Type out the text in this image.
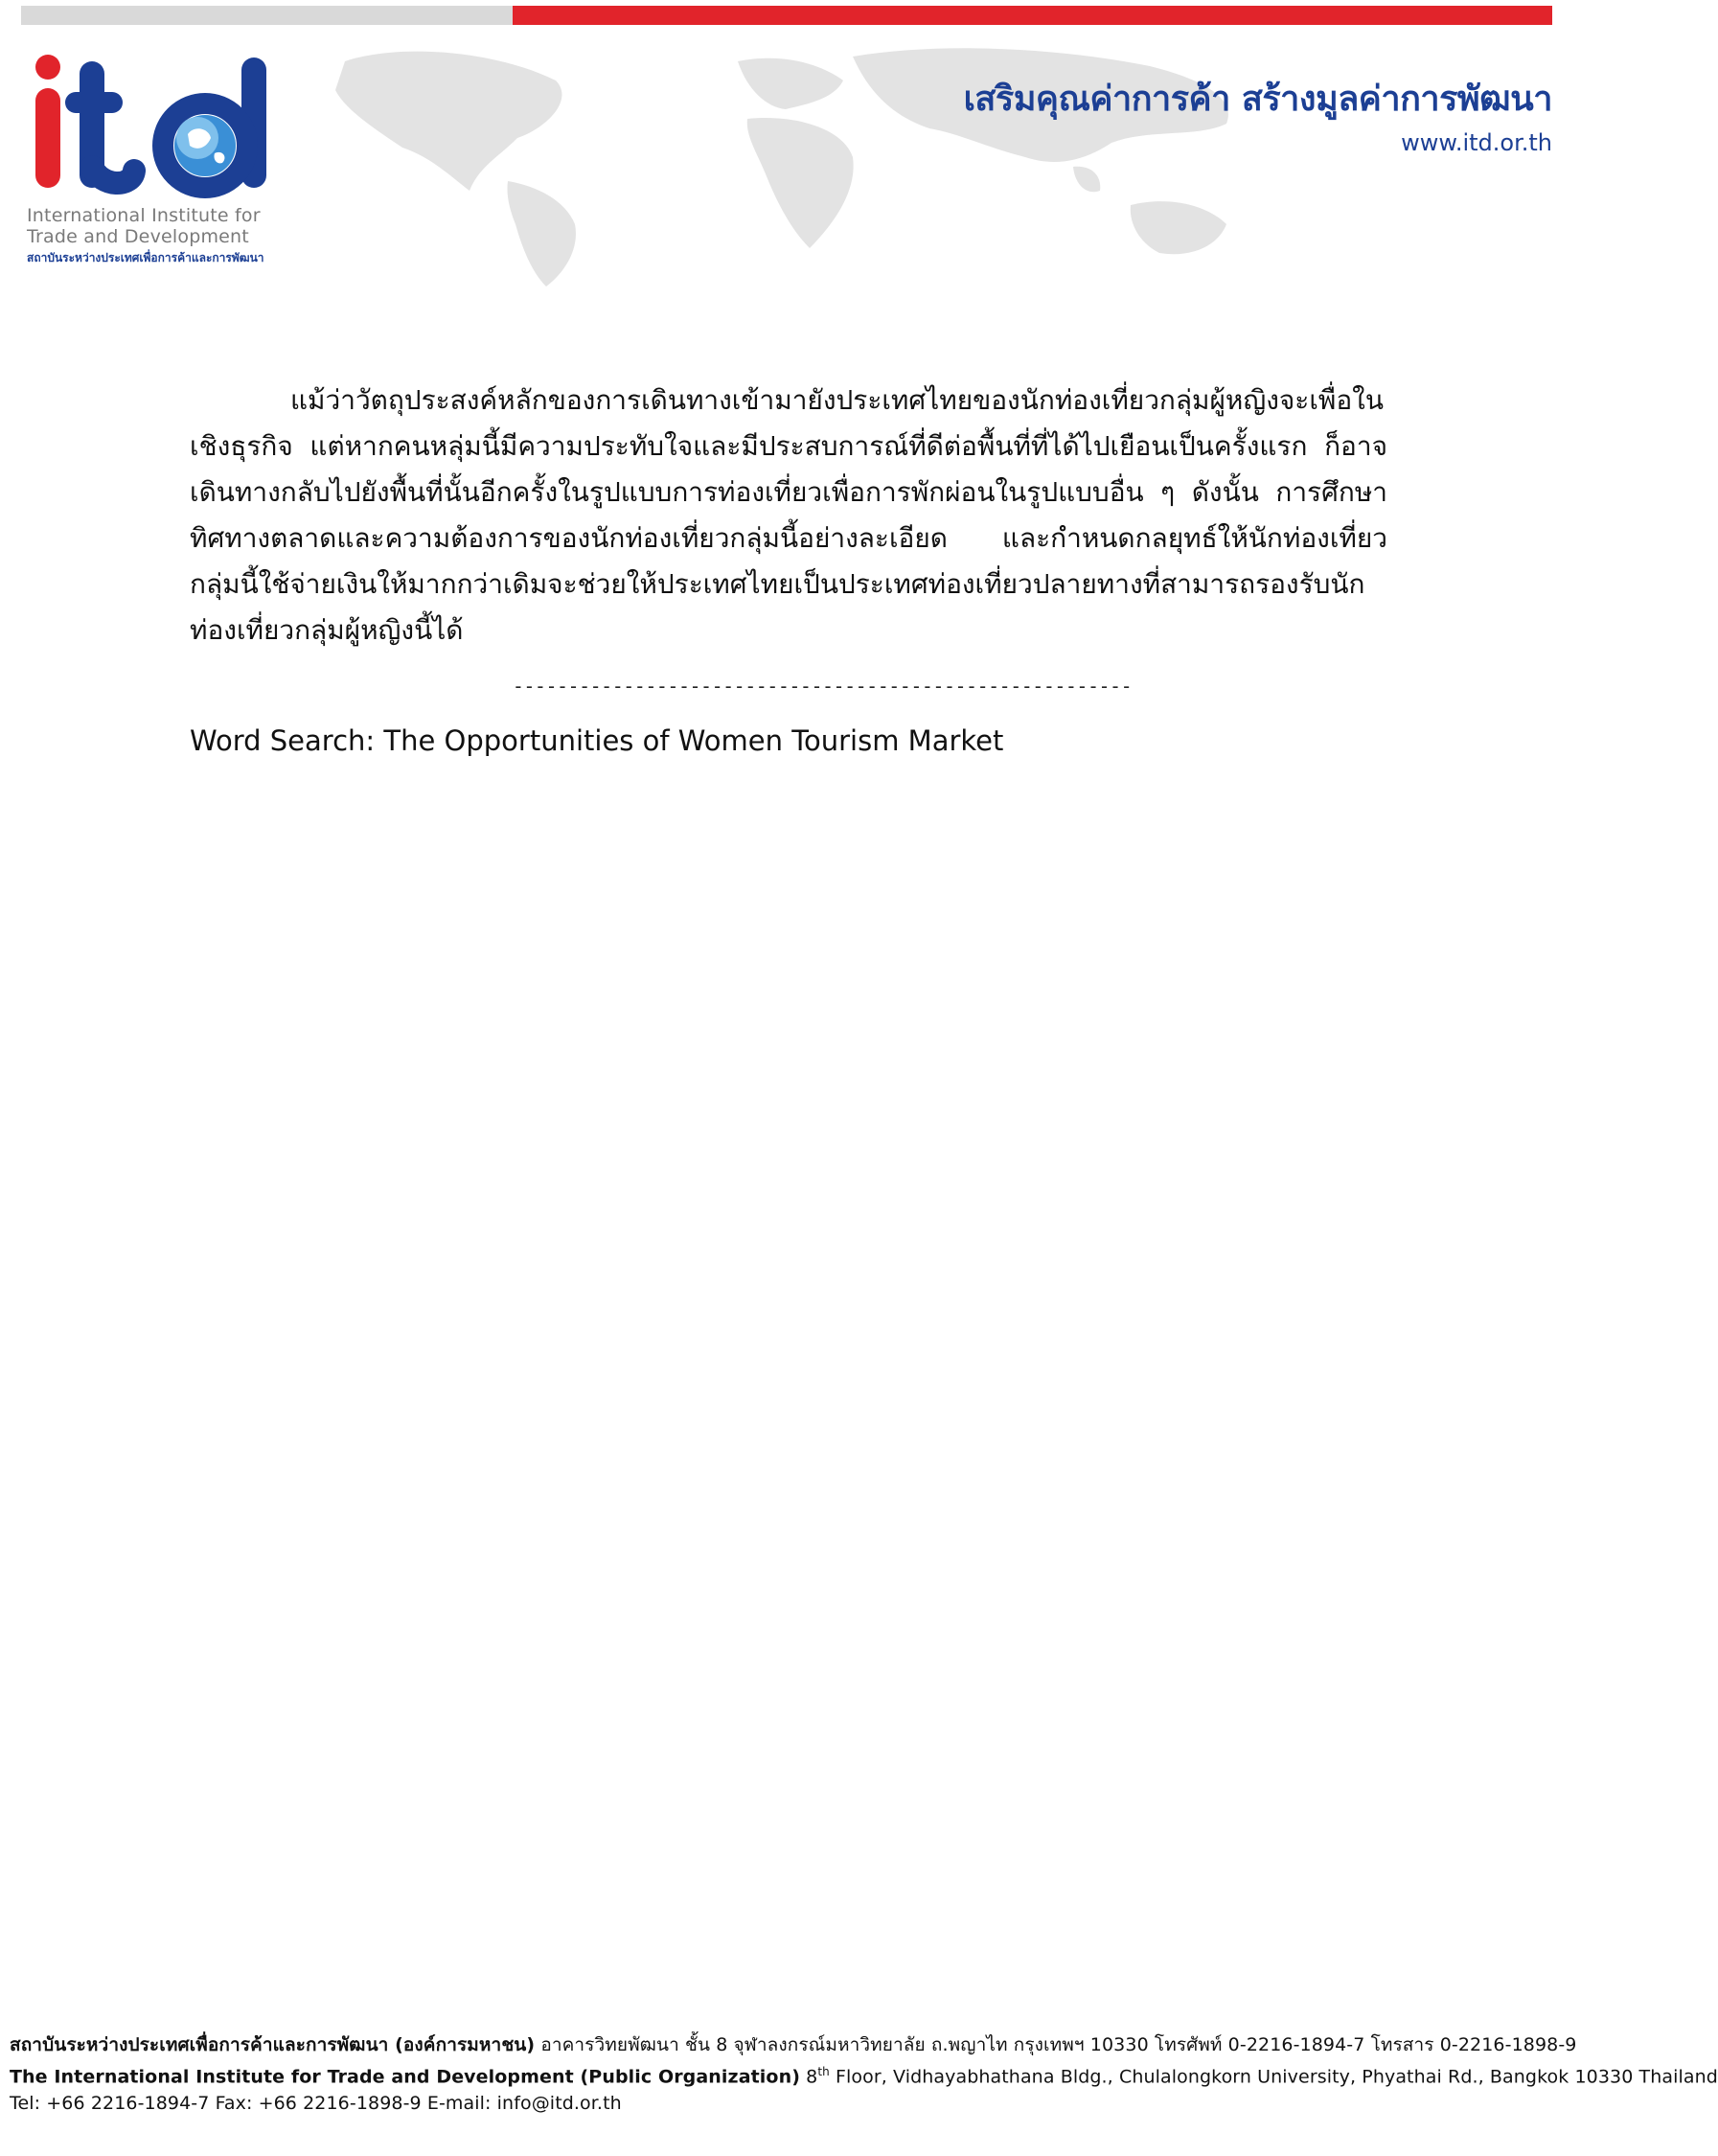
International Institute for
Trade and Development
สถาบันระหว่างประเทศเพื่อการค้าและการพัฒนา
เสริมคุณค่าการค้า สร้างมูลค่าการพัฒนา
www.itd.or.th

แม้ว่าวัตถุประสงค์หลักของการเดินทางเข้ามายังประเทศไทยของนักท่องเที่ยวกลุ่มผู้หญิงจะเพื่อในเชิงธุรกิจ แต่หากคนหลุ่มนี้มีความประทับใจและมีประสบการณ์ที่ดีต่อพื้นที่ที่ได้ไปเยือนเป็นครั้งแรก ก็อาจเดินทางกลับไปยังพื้นที่นั้นอีกครั้งในรูปแบบการท่องเที่ยวเพื่อการพักผ่อนในรูปแบบอื่น ๆ ดังนั้น การศึกษาทิศทางตลาดและความต้องการของนักท่องเที่ยวกลุ่มนี้อย่างละเอียด และกำหนดกลยุทธ์ให้นักท่องเที่ยวกลุ่มนี้ใช้จ่ายเงินให้มากกว่าเดิมจะช่วยให้ประเทศไทยเป็นประเทศท่องเที่ยวปลายทางที่สามารถรองรับนักท่องเที่ยวกลุ่มผู้หญิงนี้ได้

--------------------------------------------------------
Word Search: The Opportunities of Women Tourism Market
สถาบันระหว่างประเทศเพื่อการค้าและการพัฒนา (องค์การมหาชน) อาคารวิทยพัฒนา ชั้น 8 จุฬาลงกรณ์มหาวิทยาลัย ถ.พญาไท กรุงเทพฯ 10330 โทรศัพท์ 0-2216-1894-7 โทรสาร 0-2216-1898-9
The International Institute for Trade and Development (Public Organization) 8th Floor, Vidhayabhathana Bldg., Chulalongkorn University, Phyathai Rd., Bangkok 10330 Thailand
Tel: +66 2216-1894-7 Fax: +66 2216-1898-9 E-mail: info@itd.or.th
